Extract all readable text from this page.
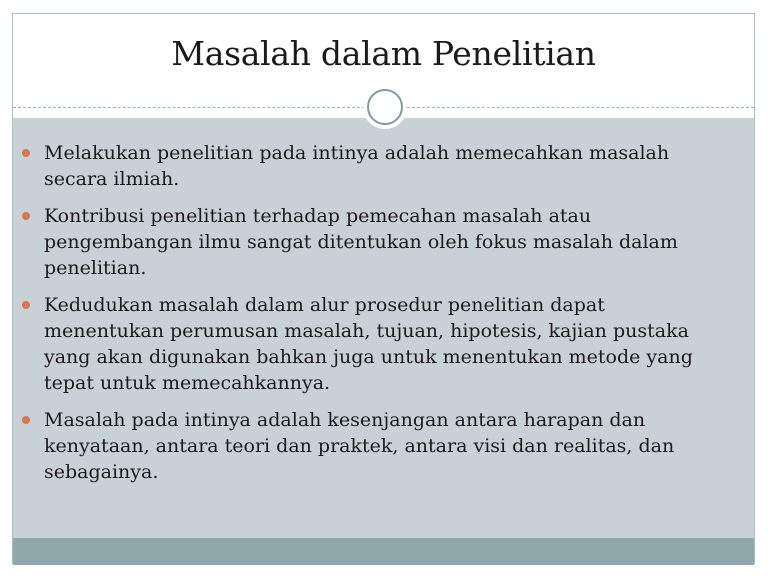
Masalah dalam Penelitian
Melakukan penelitian pada intinya adalah memecahkan masalah secara ilmiah.
Kontribusi penelitian terhadap pemecahan masalah atau pengembangan ilmu sangat ditentukan oleh fokus masalah dalam penelitian.
Kedudukan masalah dalam alur prosedur penelitian dapat menentukan perumusan masalah, tujuan, hipotesis, kajian pustaka yang akan digunakan bahkan juga untuk menentukan metode yang tepat untuk memecahkannya.
Masalah pada intinya adalah kesenjangan antara harapan dan kenyataan, antara teori dan praktek, antara visi dan realitas, dan sebagainya.
